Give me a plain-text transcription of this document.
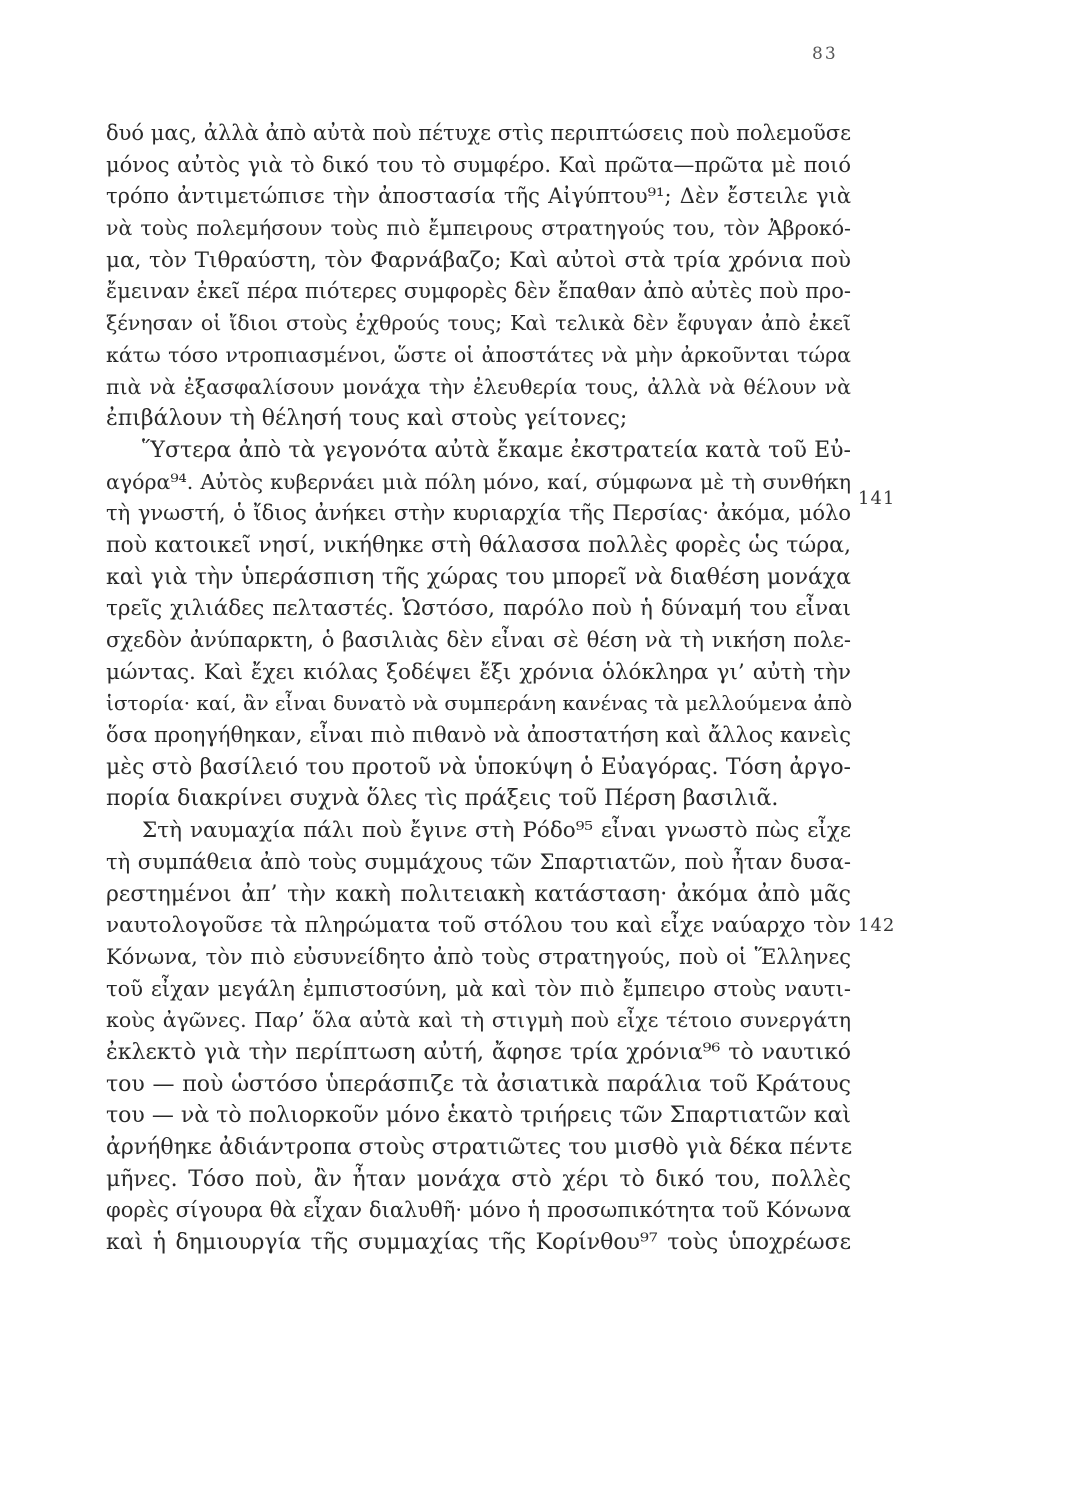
83
141
142
δυό μας, ἀλλὰ ἀπὸ αὐτὰ ποὺ πέτυχε στὶς περιπτώσεις ποὺ πολεμοῦσε
μόνος αὐτὸς γιὰ τὸ δικό του τὸ συμφέρο. Καὶ πρῶτα—πρῶτα μὲ ποιό
τρόπο ἀντιμετώπισε τὴν ἀποστασία τῆς Αἰγύπτου⁹¹; Δὲν ἔστειλε γιὰ
νὰ τοὺς πολεμήσουν τοὺς πιὸ ἔμπειρους στρατηγούς του, τὸν Ἀβροκό-
μα, τὸν Τιθραύστη, τὸν Φαρνάβαζο; Καὶ αὐτοὶ στὰ τρία χρόνια ποὺ
ἔμειναν ἐκεῖ πέρα πιότερες συμφορὲς δὲν ἔπαθαν ἀπὸ αὐτὲς ποὺ προ-
ξένησαν οἱ ἴδιοι στοὺς ἐχθρούς τους; Καὶ τελικὰ δὲν ἔφυγαν ἀπὸ ἐκεῖ
κάτω τόσο ντροπιασμένοι, ὥστε οἱ ἀποστάτες νὰ μὴν ἀρκοῦνται τώρα
πιὰ νὰ ἐξασφαλίσουν μονάχα τὴν ἐλευθερία τους, ἀλλὰ νὰ θέλουν νὰ
ἐπιβάλουν τὴ θέλησή τους καὶ στοὺς γείτονες;
Ὕστερα ἀπὸ τὰ γεγονότα αὐτὰ ἔκαμε ἐκστρατεία κατὰ τοῦ Εὐ-
αγόρα⁹⁴. Αὐτὸς κυβερνάει μιὰ πόλη μόνο, καί, σύμφωνα μὲ τὴ συνθήκη
τὴ γνωστή, ὁ ἴδιος ἀνήκει στὴν κυριαρχία τῆς Περσίας· ἀκόμα, μόλο
ποὺ κατοικεῖ νησί, νικήθηκε στὴ θάλασσα πολλὲς φορὲς ὡς τώρα,
καὶ γιὰ τὴν ὑπεράσπιση τῆς χώρας του μπορεῖ νὰ διαθέση μονάχα
τρεῖς χιλιάδες πελταστές. Ὡστόσο, παρόλο ποὺ ἡ δύναμή του εἶναι
σχεδὸν ἀνύπαρκτη, ὁ βασιλιὰς δὲν εἶναι σὲ θέση νὰ τὴ νικήση πολε-
μώντας. Καὶ ἔχει κιόλας ξοδέψει ἔξι χρόνια ὁλόκληρα γι’ αὐτὴ τὴν
ἱστορία· καί, ἂν εἶναι δυνατὸ νὰ συμπεράνη κανένας τὰ μελλούμενα ἀπὸ
ὅσα προηγήθηκαν, εἶναι πιὸ πιθανὸ νὰ ἀποστατήση καὶ ἄλλος κανεὶς
μὲς στὸ βασίλειό του προτοῦ νὰ ὑποκύψη ὁ Εὐαγόρας. Τόση ἀργο-
πορία διακρίνει συχνὰ ὅλες τὶς πράξεις τοῦ Πέρση βασιλιᾶ.
Στὴ ναυμαχία πάλι ποὺ ἔγινε στὴ Ρόδο⁹⁵ εἶναι γνωστὸ πὼς εἶχε
τὴ συμπάθεια ἀπὸ τοὺς συμμάχους τῶν Σπαρτιατῶν, ποὺ ἦταν δυσα-
ρεστημένοι ἀπ’ τὴν κακὴ πολιτειακὴ κατάσταση· ἀκόμα ἀπὸ μᾶς
ναυτολογοῦσε τὰ πληρώματα τοῦ στόλου του καὶ εἶχε ναύαρχο τὸν
Κόνωνα, τὸν πιὸ εὐσυνείδητο ἀπὸ τοὺς στρατηγούς, ποὺ οἱ Ἕλληνες
τοῦ εἶχαν μεγάλη ἐμπιστοσύνη, μὰ καὶ τὸν πιὸ ἔμπειρο στοὺς ναυτι-
κοὺς ἀγῶνες. Παρ’ ὅλα αὐτὰ καὶ τὴ στιγμὴ ποὺ εἶχε τέτοιο συνεργάτη
ἐκλεκτὸ γιὰ τὴν περίπτωση αὐτή, ἄφησε τρία χρόνια⁹⁶ τὸ ναυτικό
του — ποὺ ὡστόσο ὑπεράσπιζε τὰ ἀσιατικὰ παράλια τοῦ Κράτους
του — νὰ τὸ πολιορκοῦν μόνο ἑκατὸ τριήρεις τῶν Σπαρτιατῶν καὶ
ἀρνήθηκε ἀδιάντροπα στοὺς στρατιῶτες του μισθὸ γιὰ δέκα πέντε
μῆνες. Τόσο ποὺ, ἂν ἦταν μονάχα στὸ χέρι τὸ δικό του, πολλὲς
φορὲς σίγουρα θὰ εἶχαν διαλυθῆ· μόνο ἡ προσωπικότητα τοῦ Κόνωνα
καὶ ἡ δημιουργία τῆς συμμαχίας τῆς Κορίνθου⁹⁷ τοὺς ὑποχρέωσε
